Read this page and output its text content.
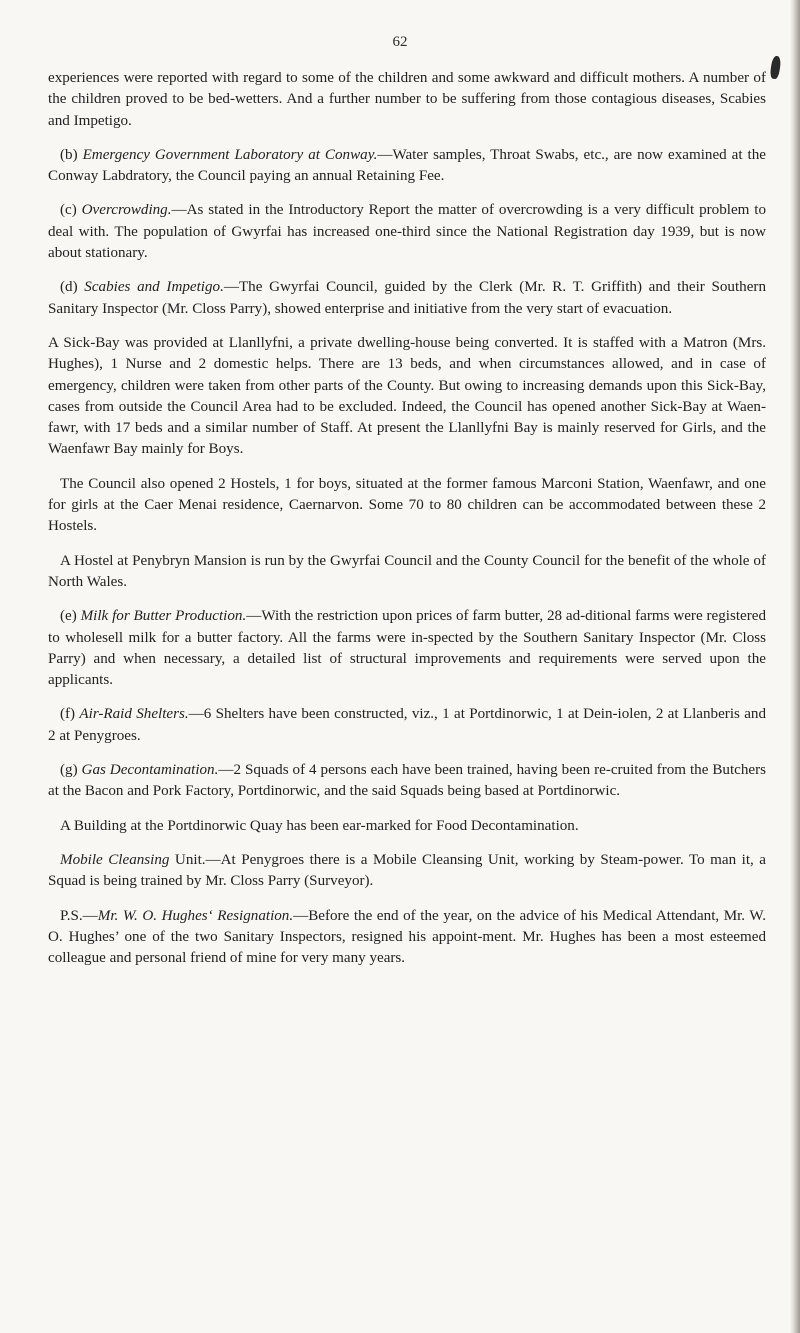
62

experiences were reported with regard to some of the children and some awkward and difficult mothers. A number of the children proved to be bed-wetters. And a further number to be suffering from those contagious diseases, Scabies and Impetigo.

(b) Emergency Government Laboratory at Conway.—Water samples, Throat Swabs, etc., are now examined at the Conway Labdratory, the Council paying an annual Retaining Fee.

(c) Overcrowding.—As stated in the Introductory Report the matter of overcrowding is a very difficult problem to deal with. The population of Gwyrfai has increased one-third since the National Registration day 1939, but is now about stationary.

(d) Scabies and Impetigo.—The Gwyrfai Council, guided by the Clerk (Mr. R. T. Griffith) and their Southern Sanitary Inspector (Mr. Closs Parry), showed enterprise and initiative from the very start of evacuation.

A Sick-Bay was provided at Llanllyfni, a private dwelling-house being converted. It is staffed with a Matron (Mrs. Hughes), 1 Nurse and 2 domestic helps. There are 13 beds, and when circumstances allowed, and in case of emergency, children were taken from other parts of the County. But owing to increasing demands upon this Sick-Bay, cases from outside the Council Area had to be excluded. Indeed, the Council has opened another Sick-Bay at Waen-fawr, with 17 beds and a similar number of Staff. At present the Llanllyfni Bay is mainly reserved for Girls, and the Waenfawr Bay mainly for Boys.

The Council also opened 2 Hostels, 1 for boys, situated at the former famous Marconi Station, Waenfawr, and one for girls at the Caer Menai residence, Caernarvon. Some 70 to 80 children can be accommodated between these 2 Hostels.

A Hostel at Penybryn Mansion is run by the Gwyrfai Council and the County Council for the benefit of the whole of North Wales.

(e) Milk for Butter Production.—With the restriction upon prices of farm butter, 28 ad-ditional farms were registered to wholesell milk for a butter factory. All the farms were in-spected by the Southern Sanitary Inspector (Mr. Closs Parry) and when necessary, a detailed list of structural improvements and requirements were served upon the applicants.

(f) Air-Raid Shelters.—6 Shelters have been constructed, viz., 1 at Portdinorwic, 1 at Dein-iolen, 2 at Llanberis and 2 at Penygroes.

(g) Gas Decontamination.—2 Squads of 4 persons each have been trained, having been re-cruited from the Butchers at the Bacon and Pork Factory, Portdinorwic, and the said Squads being based at Portdinorwic.

A Building at the Portdinorwic Quay has been ear-marked for Food Decontamination.

Mobile Cleansing Unit.—At Penygroes there is a Mobile Cleansing Unit, working by Steam-power. To man it, a Squad is being trained by Mr. Closs Parry (Surveyor).

P.S.—Mr. W. O. Hughes‘ Resignation.—Before the end of the year, on the advice of his Medical Attendant, Mr. W. O. Hughes’ one of the two Sanitary Inspectors, resigned his appoint-ment. Mr. Hughes has been a most esteemed colleague and personal friend of mine for very many years.
